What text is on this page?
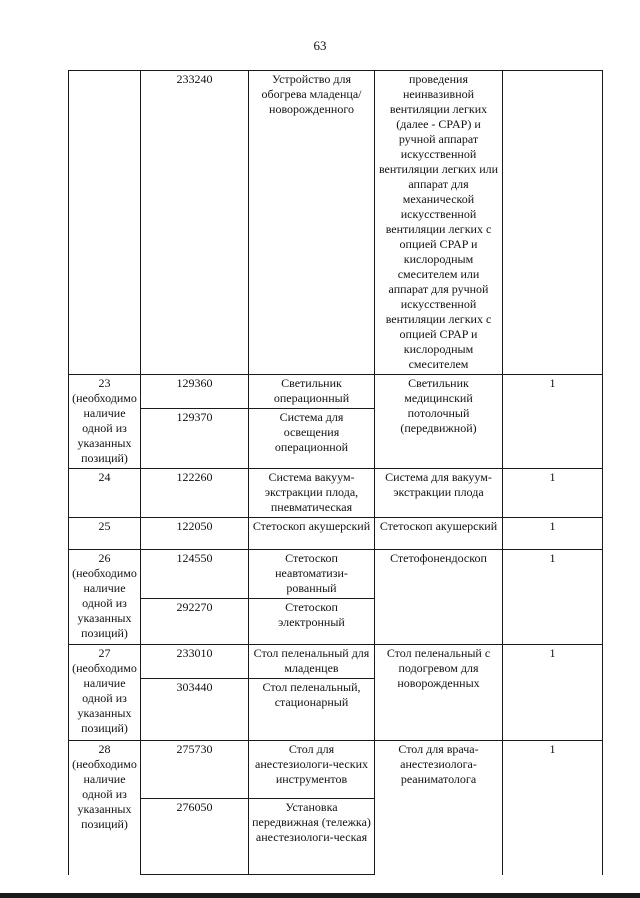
63
	233240	Устройство для обогрева младенца/ новорожденного	проведения неинвазивной вентиляции легких (далее - CPAP) и ручной аппарат искусственной вентиляции легких или аппарат для механической искусственной вентиляции легких с опцией CPAP и кислородным смесителем или аппарат для ручной искусственной вентиляции легких с опцией CPAP и кислородным смесителем	
23 (необходимо наличие одной из указанных позиций)	129360	Светильник операционный	Светильник медицинский потолочный (передвижной)	1
	129370	Система для освещения операционной		
24	122260	Система вакуум-экстракции плода, пневматическая	Система для вакуум-экстракции плода	1
25	122050	Стетоскоп акушерский	Стетоскоп акушерский	1
26 (необходимо наличие одной из указанных позиций)	124550	Стетоскоп неавтоматизи-рованный	Стетофонендоскоп	1
	292270	Стетоскоп электронный		
27 (необходимо наличие одной из указанных позиций)	233010	Стол пеленальный для младенцев	Стол пеленальный с подогревом для новорожденных	1
	303440	Стол пеленальный, стационарный		
28 (необходимо наличие одной из указанных позиций)	275730	Стол для анестезиологи-ческих инструментов	Стол для врача-анестезиолога-реаниматолога	1
	276050	Установка передвижная (тележка) анестезиологи-ческая		
